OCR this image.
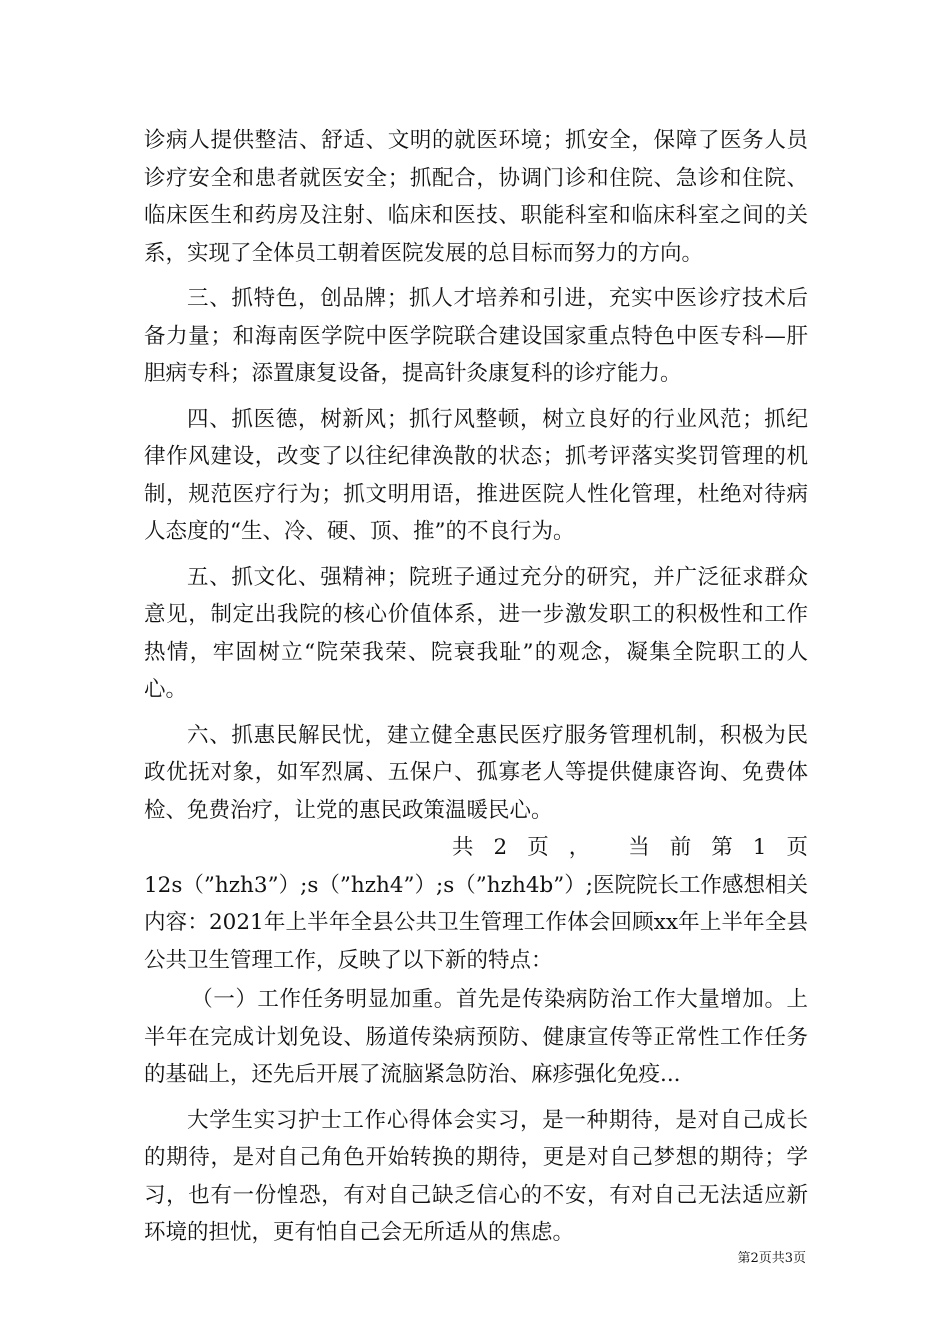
诊病人提供整洁、舒适、文明的就医环境；抓安全，保障了医务人员诊疗安全和患者就医安全；抓配合，协调门诊和住院、急诊和住院、临床医生和药房及注射、临床和医技、职能科室和临床科室之间的关系，实现了全体员工朝着医院发展的总目标而努力的方向。

三、抓特色，创品牌；抓人才培养和引进，充实中医诊疗技术后备力量；和海南医学院中医学院联合建设国家重点特色中医专科—肝胆病专科；添置康复设备，提高针灸康复科的诊疗能力。

四、抓医德，树新风；抓行风整顿，树立良好的行业风范；抓纪律作风建设，改变了以往纪律涣散的状态；抓考评落实奖罚管理的机制，规范医疗行为；抓文明用语，推进医院人性化管理，杜绝对待病人态度的“生、冷、硬、顶、推”的不良行为。

五、抓文化、强精神；院班子通过充分的研究，并广泛征求群众意见，制定出我院的核心价值体系，进一步激发职工的积极性和工作热情，牢固树立“院荣我荣、院衰我耻”的观念，凝集全院职工的人心。

六、抓惠民解民忧，建立健全惠民医疗服务管理机制，积极为民政优抚对象，如军烈属、五保户、孤寡老人等提供健康咨询、免费体检、免费治疗，让党的惠民政策温暖民心。

共 2 页 ， 当 前 第 1 页

12s（”hzh3”）;s（”hzh4”）;s（”hzh4b”）;医院院长工作感想相关内容：2021年上半年全县公共卫生管理工作体会回顾xx年上半年全县公共卫生管理工作，反映了以下新的特点：

（一）工作任务明显加重。首先是传染病防治工作大量增加。上半年在完成计划免设、肠道传染病预防、健康宣传等正常性工作任务的基础上，还先后开展了流脑紧急防治、麻疹强化免疫...

大学生实习护士工作心得体会实习，是一种期待，是对自己成长的期待，是对自己角色开始转换的期待，更是对自己梦想的期待；学习，也有一份惶恐，有对自己缺乏信心的不安，有对自己无法适应新环境的担忧，更有怕自己会无所适从的焦虑。

第2页共3页
